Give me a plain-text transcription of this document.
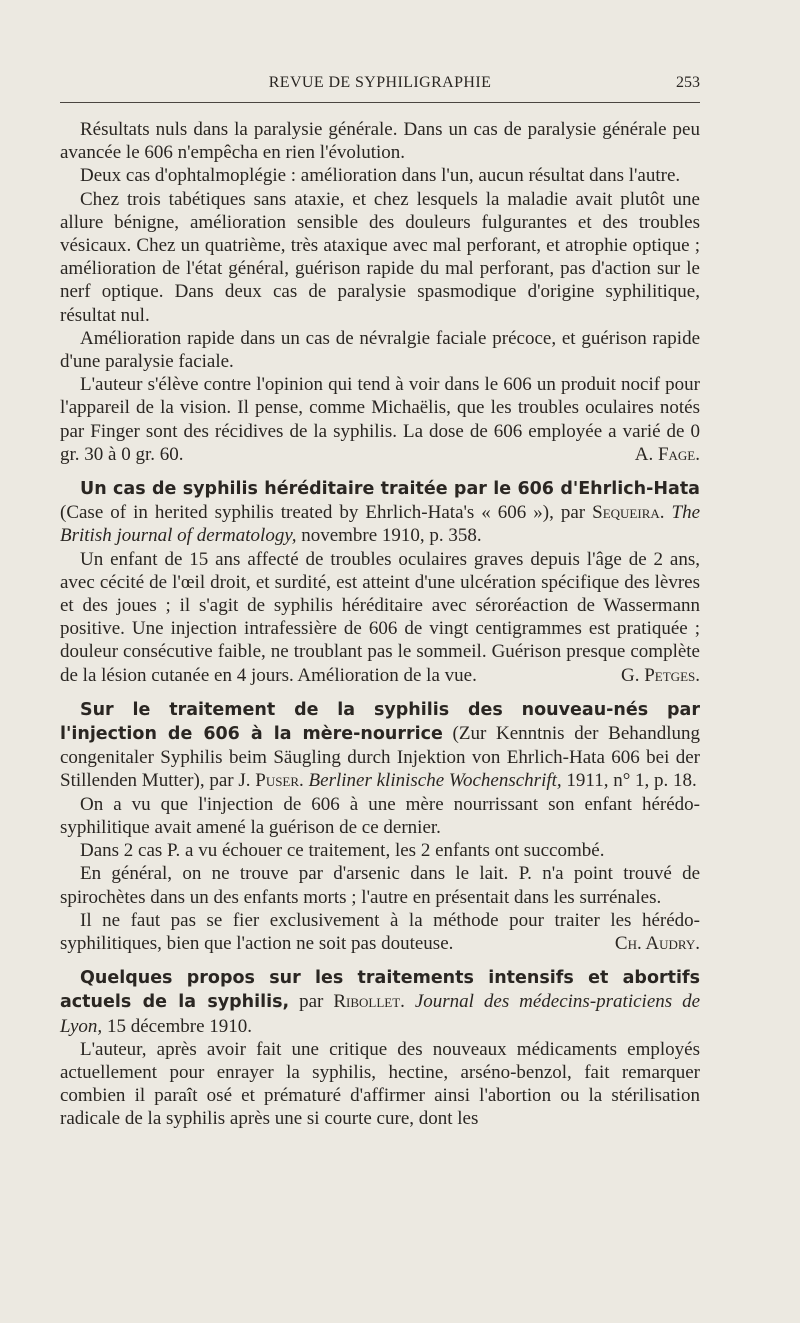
REVUE DE SYPHILIGRAPHIE	253

Résultats nuls dans la paralysie générale. Dans un cas de paralysie générale peu avancée le 606 n'empêcha en rien l'évolution.

Deux cas d'ophtalmoplégie : amélioration dans l'un, aucun résultat dans l'autre.

Chez trois tabétiques sans ataxie, et chez lesquels la maladie avait plutôt une allure bénigne, amélioration sensible des douleurs fulgurantes et des troubles vésicaux. Chez un quatrième, très ataxique avec mal perforant, et atrophie optique ; amélioration de l'état général, guérison rapide du mal perforant, pas d'action sur le nerf optique. Dans deux cas de paralysie spasmodique d'origine syphilitique, résultat nul.

Amélioration rapide dans un cas de névralgie faciale précoce, et guérison rapide d'une paralysie faciale.

L'auteur s'élève contre l'opinion qui tend à voir dans le 606 un produit nocif pour l'appareil de la vision. Il pense, comme Michaëlis, que les troubles oculaires notés par Finger sont des récidives de la syphilis. La dose de 606 employée a varié de 0 gr. 30 à 0 gr. 60.	A. Fage.

Un cas de syphilis héréditaire traitée par le 606 d'Ehrlich-Hata (Case of in herited syphilis treated by Ehrlich-Hata's « 606 »), par Sequeira. The British journal of dermatology, novembre 1910, p. 358.

Un enfant de 15 ans affecté de troubles oculaires graves depuis l'âge de 2 ans, avec cécité de l'œil droit, et surdité, est atteint d'une ulcération spécifique des lèvres et des joues ; il s'agit de syphilis héréditaire avec séroréaction de Wassermann positive. Une injection intrafessière de 606 de vingt centigrammes est pratiquée ; douleur consécutive faible, ne troublant pas le sommeil. Guérison presque complète de la lésion cutanée en 4 jours. Amélioration de la vue.	G. Petges.

Sur le traitement de la syphilis des nouveau-nés par l'injection de 606 à la mère-nourrice (Zur Kenntnis der Behandlung congenitaler Syphilis beim Säugling durch Injektion von Ehrlich-Hata 606 bei der Stillenden Mutter), par J. Puser. Berliner klinische Wochenschrift, 1911, n° 1, p. 18.

On a vu que l'injection de 606 à une mère nourrissant son enfant hérédo-syphilitique avait amené la guérison de ce dernier.

Dans 2 cas P. a vu échouer ce traitement, les 2 enfants ont succombé.

En général, on ne trouve par d'arsenic dans le lait. P. n'a point trouvé de spirochètes dans un des enfants morts ; l'autre en présentait dans les surrénales.

Il ne faut pas se fier exclusivement à la méthode pour traiter les hérédo-syphilitiques, bien que l'action ne soit pas douteuse.	Ch. Audry.

Quelques propos sur les traitements intensifs et abortifs actuels de la syphilis, par Ribollet. Journal des médecins-praticiens de Lyon, 15 décembre 1910.

L'auteur, après avoir fait une critique des nouveaux médicaments employés actuellement pour enrayer la syphilis, hectine, arséno-benzol, fait remarquer combien il paraît osé et prématuré d'affirmer ainsi l'abortion ou la stérilisation radicale de la syphilis après une si courte cure, dont les
